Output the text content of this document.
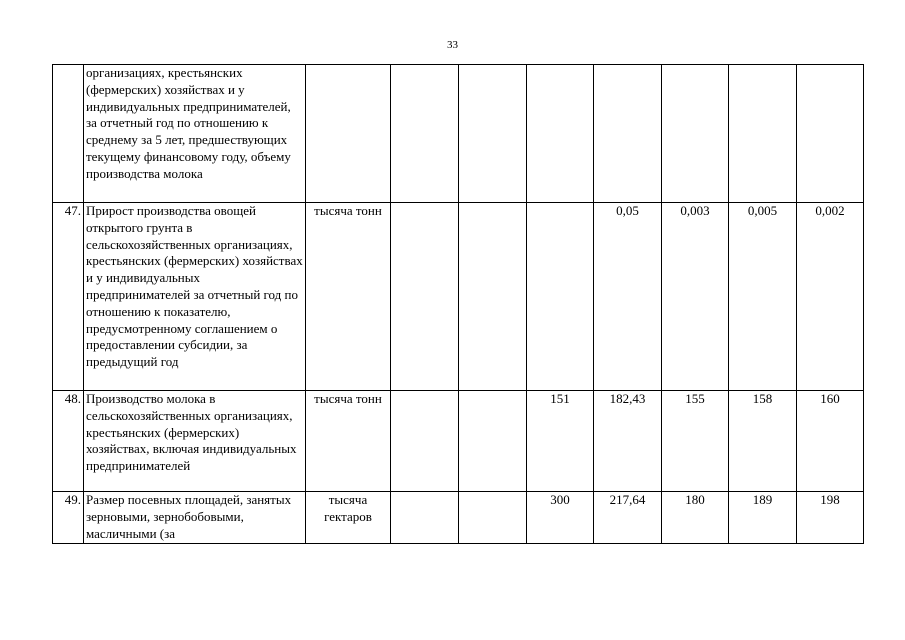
33
	организациях, крестьянских (фермерских) хозяйствах и у индивидуальных предпринимателей, за отчетный год по отношению к среднему за 5 лет, предшествующих текущему финансовому году, объему производства молока								
47.	Прирост производства овощей открытого грунта в сельскохозяйственных организациях, крестьянских (фермерских) хозяйствах и у индивидуальных предпринимателей за отчетный год по отношению к показателю, предусмотренному соглашением о предоставлении субсидии, за предыдущий год	тысяча тонн				0,05	0,003	0,005	0,002
48.	Производство молока в сельскохозяйственных организациях, крестьянских (фермерских) хозяйствах, включая индивидуальных предпринимателей	тысяча тонн			151	182,43	155	158	160
49.	Размер посевных площадей, занятых зерновыми, зернобобовыми, масличными (за	тысяча гектаров			300	217,64	180	189	198
